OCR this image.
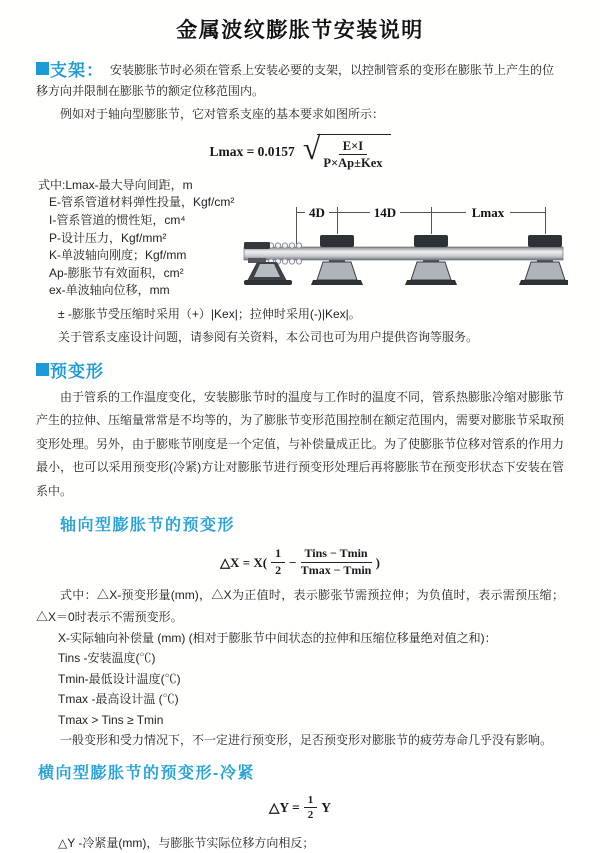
金属波纹膨胀节安装说明
支架： 安装膨胀节时必须在管系上安装必要的支架，以控制管系的变形在膨胀节上产生的位移方向并限制在膨胀节的额定位移范围内。

例如对于轴向型膨胀节，它对管系支座的基本要求如图所示：

Lmax = 0.0157 √ $\frac{E\times I}{\text{P×Ap±Kex}}$
式中:Lmax-最大导向间距，m
E-管系管道材料弹性投量，Kgf/cm²
I-管系管道的惯性矩，cm⁴
P-设计压力，Kgf/mm²
K-单波轴向刚度；Kgf/mm
Ap-膨胀节有效面积，cm²
ex-单波轴向位移，mm
4D	14D	Lmax

± -膨胀节受压缩时采用（+）|Kex|；拉伸时采用(-)|Kex|。

关于管系支座设计问题，请参阅有关资料，本公司也可为用户提供咨询等服务。

预变形

由于管系的工作温度变化，安装膨胀节时的温度与工作时的温度不同，管系热膨胀冷缩对膨胀节产生的拉伸、压缩量常常是不均等的，为了膨胀节变形范围控制在额定范围内，需要对膨胀节采取预变形处理。另外，由于膨账节刚度是一个定值，与补偿量成正比。为了使膨胀节位移对管系的作用力最小，也可以采用预变形(冷紧)方让对膨胀节进行预变形处理后再将膨胀节在预变形状态下安装在管系中。

轴向型膨胀节的预变形
△X = $X( \frac{1}{2} - \frac{\text{Tins − Tmin}}{Tmax - Tmin}$ )

式中：△X-预变形量(mm)，△X为正值时，表示膨张节需预拉伸；为负值时，表示需预压缩；△X＝0时表示不需预变形。

X-实际轴向补偿量 (mm) (相对于膨胀节中间状态的拉伸和压缩位移量绝对值之和)：

Tins -安装温度(℃)

Tmin-最低设计温度(℃)

Tmax -最高设计温 (℃)

Tmax > Tins ≥ Tmin

一般变形和受力情况下，不一定进行预变形，足否预变形对膨胀节的疲劳寿命几乎没有影响。

横向型膨胀节的预变形-冷紧
△Y = $\frac{1}{2}$ Y

△Y -冷紧量(mm)，与膨胀节实际位移方向相反；
